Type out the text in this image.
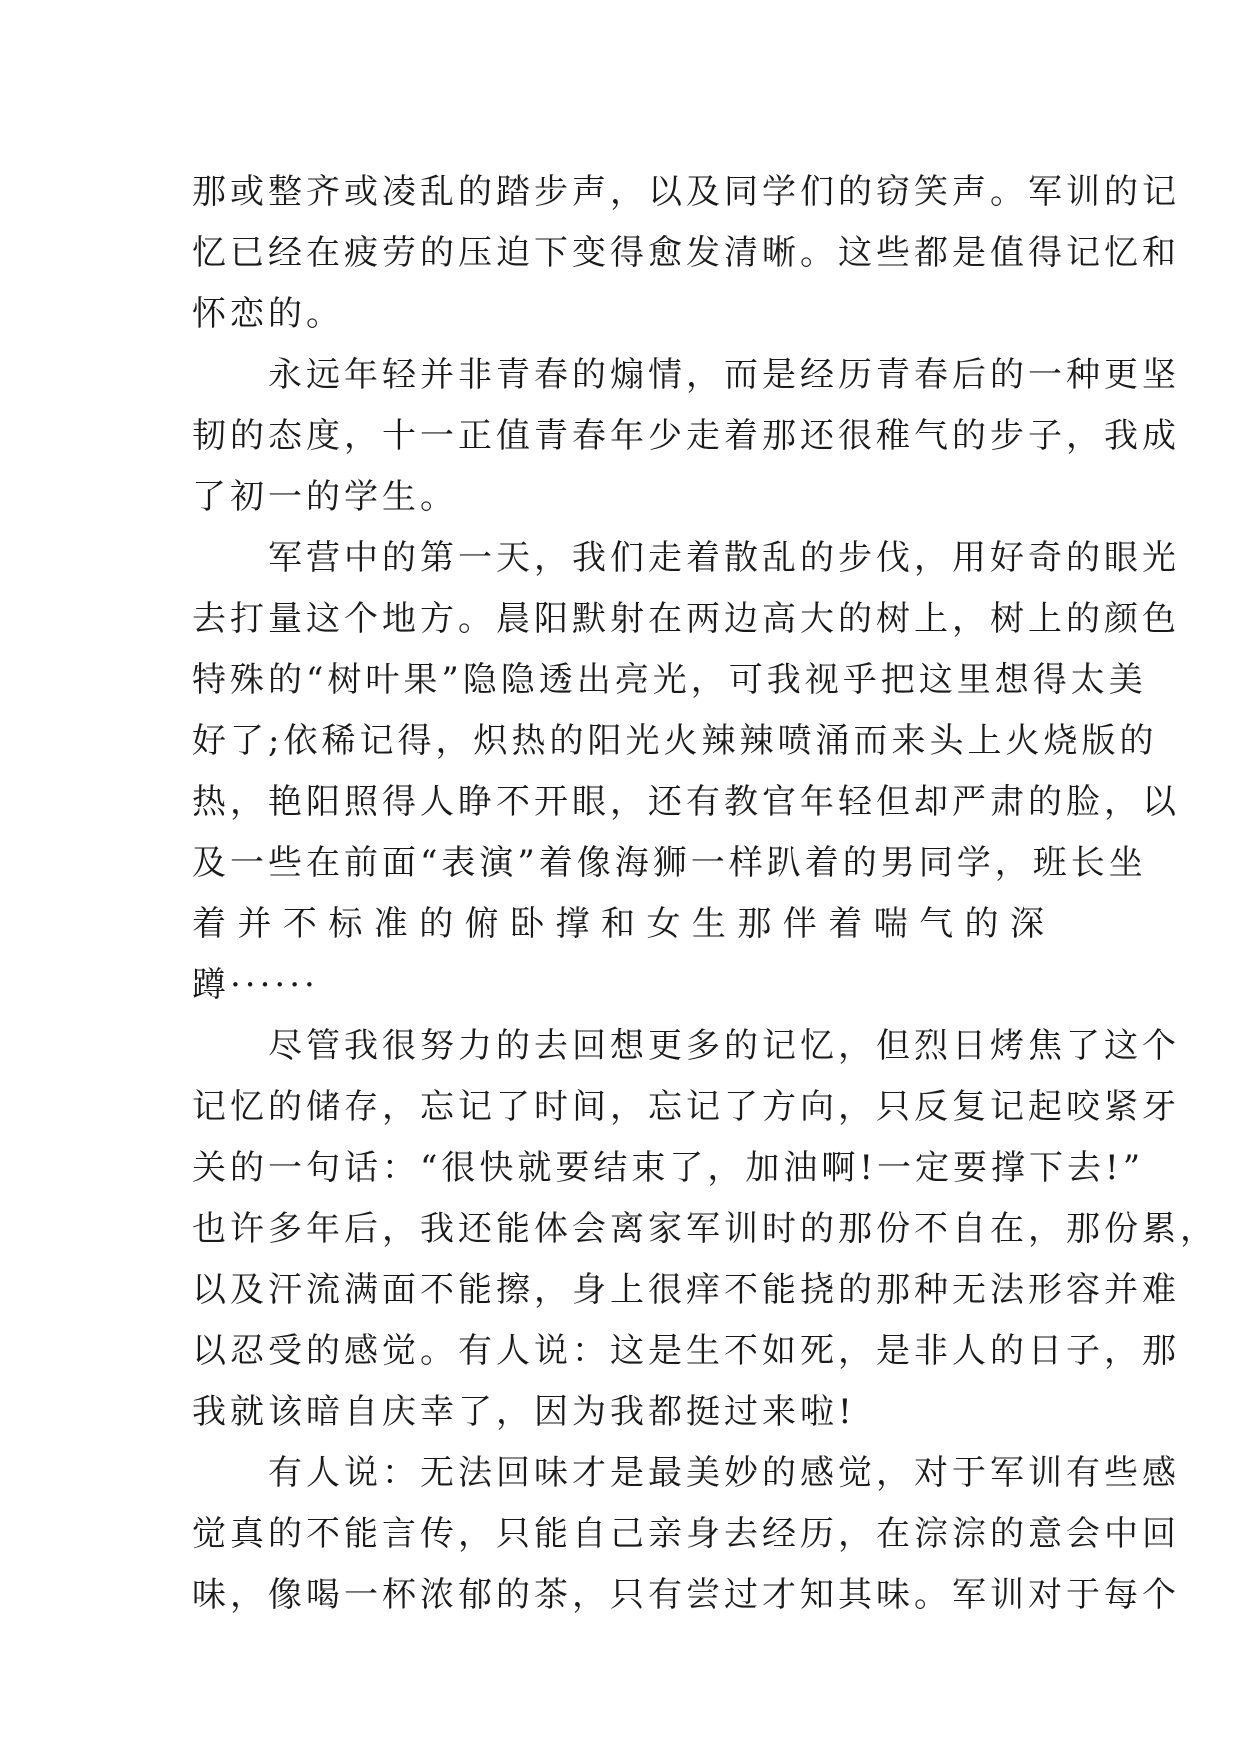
那或整齐或凌乱的踏步声，以及同学们的窃笑声。军训的记
忆已经在疲劳的压迫下变得愈发清晰。这些都是值得记忆和
怀恋的。
　　永远年轻并非青春的煽情，而是经历青春后的一种更坚
韧的态度，十一正值青春年少走着那还很稚气的步子，我成
了初一的学生。
　　军营中的第一天，我们走着散乱的步伐，用好奇的眼光
去打量这个地方。晨阳默射在两边高大的树上，树上的颜色
特殊的“树叶果”隐隐透出亮光，可我视乎把这里想得太美
好了;依稀记得，炽热的阳光火辣辣喷涌而来头上火烧版的
热，艳阳照得人睁不开眼，还有教官年轻但却严肃的脸，以
及一些在前面“表演”着像海狮一样趴着的男同学，班长坐
着并不标准的俯卧撑和女生那伴着喘气的深
蹲······
　　尽管我很努力的去回想更多的记忆，但烈日烤焦了这个
记忆的储存，忘记了时间，忘记了方向，只反复记起咬紧牙
关的一句话：“很快就要结束了，加油啊!一定要撑下去!”
也许多年后，我还能体会离家军训时的那份不自在，那份累，
以及汗流满面不能擦，身上很痒不能挠的那种无法形容并难
以忍受的感觉。有人说：这是生不如死，是非人的日子，那
我就该暗自庆幸了，因为我都挺过来啦!
　　有人说：无法回味才是最美妙的感觉，对于军训有些感
觉真的不能言传，只能自己亲身去经历，在淙淙的意会中回
味，像喝一杯浓郁的茶，只有尝过才知其味。军训对于每个
